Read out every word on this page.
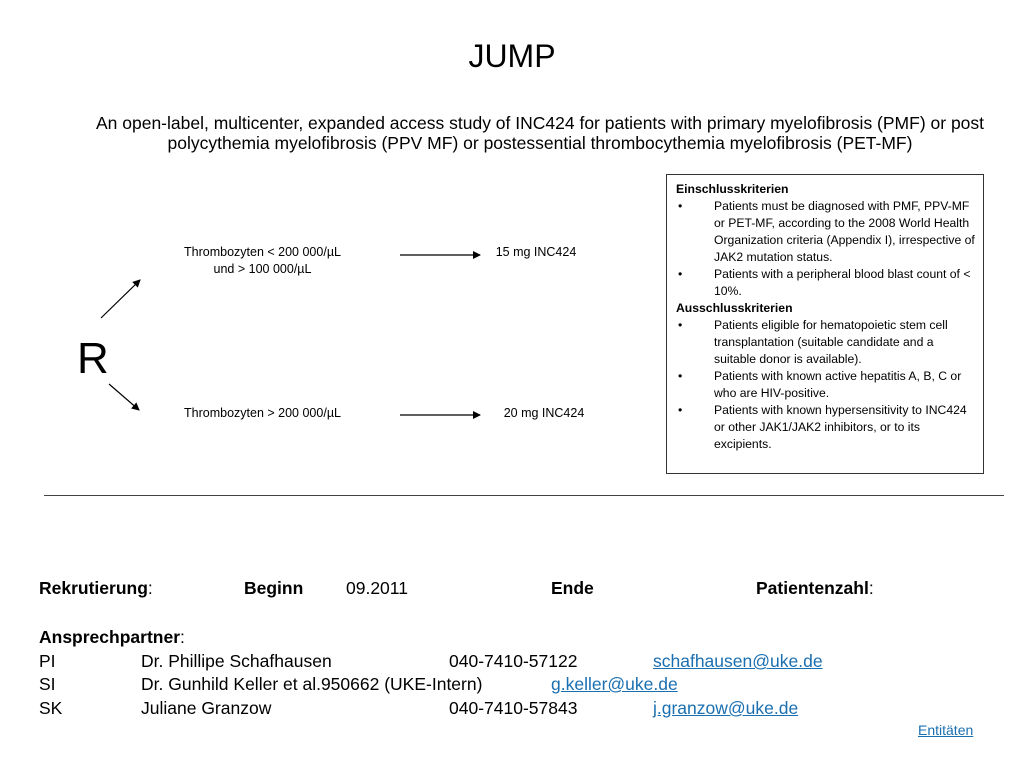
JUMP
An open-label, multicenter, expanded access study of INC424 for patients with primary myelofibrosis (PMF) or post polycythemia myelofibrosis (PPV MF) or postessential thrombocythemia myelofibrosis (PET-MF)
R
Thrombozyten < 200 000/µL
und > 100 000/µL
15 mg INC424
Thrombozyten > 200 000/µL	20 mg INC424
Einschlusskriterien
• Patients must be diagnosed with PMF, PPV-MF or PET-MF, according to the 2008 World Health Organization criteria (Appendix I), irrespective of JAK2 mutation status.
• Patients with a peripheral blood blast count of < 10%.
Ausschlusskriterien
• Patients eligible for hematopoietic stem cell transplantation (suitable candidate and a suitable donor is available).
• Patients with known active hepatitis A, B, C or who are HIV-positive.
• Patients with known hypersensitivity to INC424 or other JAK1/JAK2 inhibitors, or to its excipients.
Rekrutierung:	Beginn 09.2011	Ende	Patientenzahl:
Ansprechpartner:
PI	Dr. Phillipe Schafhausen	040-7410-57122	schafhausen@uke.de
SI	Dr. Gunhild Keller et al.950662 (UKE-Intern)	g.keller@uke.de
SK	Juliane Granzow	040-7410-57843	j.granzow@uke.de
Entitäten
